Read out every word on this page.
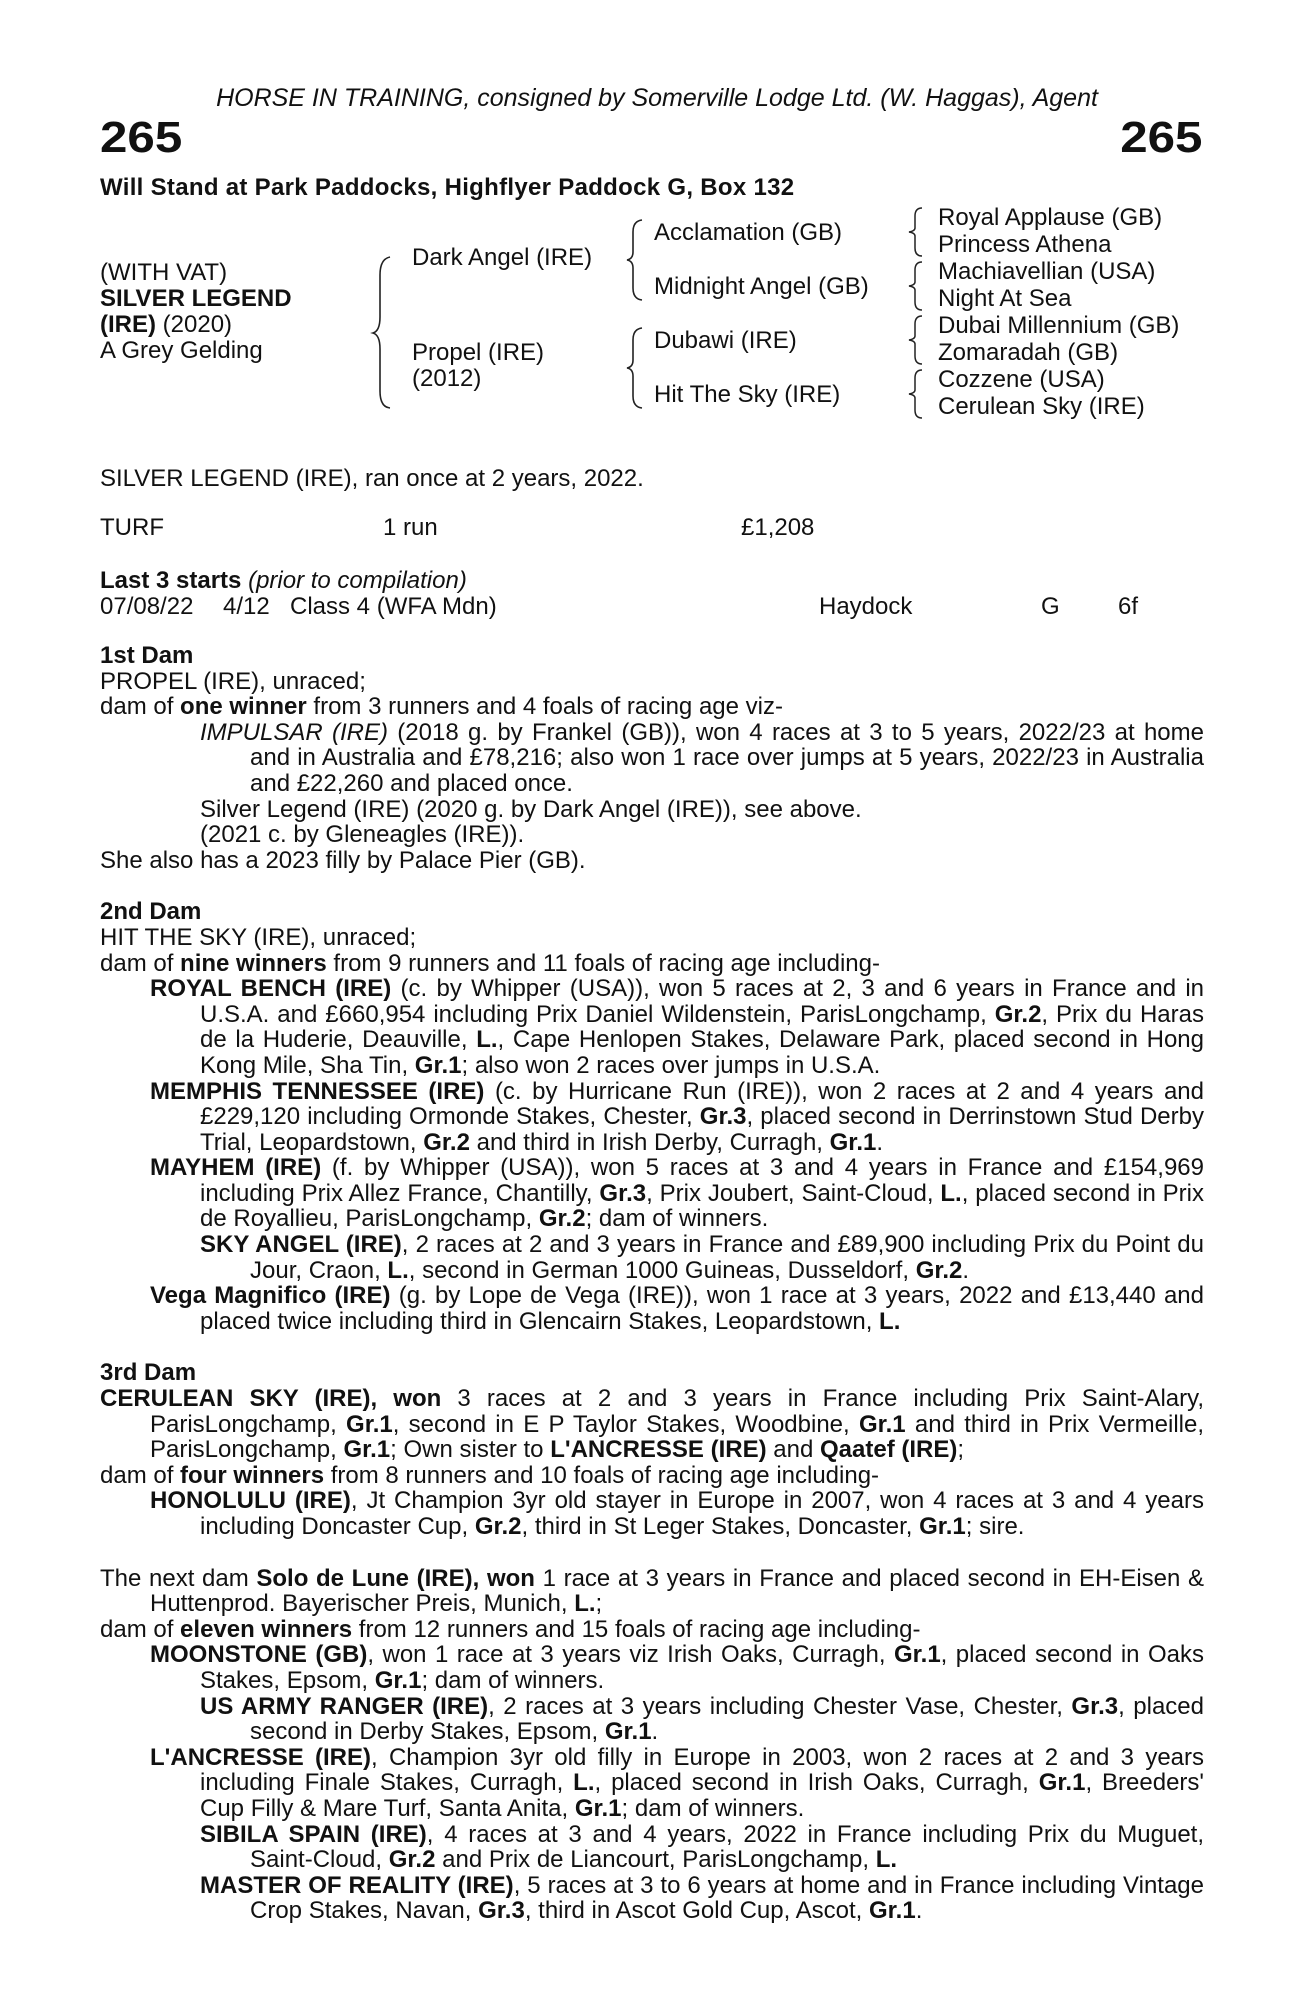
HORSE IN TRAINING, consigned by Somerville Lodge Ltd. (W. Haggas), Agent
265	265
Will Stand at Park Paddocks, Highflyer Paddock G, Box 132
(WITH VAT)
SILVER LEGEND
(IRE) (2020)
A Grey Gelding
Dark Angel (IRE)
Propel (IRE)
(2012)
Acclamation (GB)
Midnight Angel (GB)
Dubawi (IRE)
Hit The Sky (IRE)
Royal Applause (GB)
Princess Athena
Machiavellian (USA)
Night At Sea
Dubai Millennium (GB)
Zomaradah (GB)
Cozzene (USA)
Cerulean Sky (IRE)
SILVER LEGEND (IRE), ran once at 2 years, 2022.
TURF	1 run	£1,208
Last 3 starts (prior to compilation)
07/08/22 4/12 Class 4 (WFA Mdn)	Haydock	G 6f

1st Dam

PROPEL (IRE), unraced;

dam of one winner from 3 runners and 4 foals of racing age viz-

IMPULSAR (IRE) (2018 g. by Frankel (GB)), won 4 races at 3 to 5 years, 2022/23 at home and in Australia and £78,216; also won 1 race over jumps at 5 years, 2022/23 in Australia and £22,260 and placed once.

Silver Legend (IRE) (2020 g. by Dark Angel (IRE)), see above.

(2021 c. by Gleneagles (IRE)).

She also has a 2023 filly by Palace Pier (GB).

2nd Dam

HIT THE SKY (IRE), unraced;

dam of nine winners from 9 runners and 11 foals of racing age including-

ROYAL BENCH (IRE) (c. by Whipper (USA)), won 5 races at 2, 3 and 6 years in France and in U.S.A. and £660,954 including Prix Daniel Wildenstein, ParisLongchamp, Gr.2, Prix du Haras de la Huderie, Deauville, L., Cape Henlopen Stakes, Delaware Park, placed second in Hong Kong Mile, Sha Tin, Gr.1; also won 2 races over jumps in U.S.A.

MEMPHIS TENNESSEE (IRE) (c. by Hurricane Run (IRE)), won 2 races at 2 and 4 years and £229,120 including Ormonde Stakes, Chester, Gr.3, placed second in Derrinstown Stud Derby Trial, Leopardstown, Gr.2 and third in Irish Derby, Curragh, Gr.1.

MAYHEM (IRE) (f. by Whipper (USA)), won 5 races at 3 and 4 years in France and £154,969 including Prix Allez France, Chantilly, Gr.3, Prix Joubert, Saint-Cloud, L., placed second in Prix de Royallieu, ParisLongchamp, Gr.2; dam of winners.

SKY ANGEL (IRE), 2 races at 2 and 3 years in France and £89,900 including Prix du Point du Jour, Craon, L., second in German 1000 Guineas, Dusseldorf, Gr.2.

Vega Magnifico (IRE) (g. by Lope de Vega (IRE)), won 1 race at 3 years, 2022 and £13,440 and placed twice including third in Glencairn Stakes, Leopardstown, L.

3rd Dam

CERULEAN SKY (IRE), won 3 races at 2 and 3 years in France including Prix Saint-Alary, ParisLongchamp, Gr.1, second in E P Taylor Stakes, Woodbine, Gr.1 and third in Prix Vermeille, ParisLongchamp, Gr.1; Own sister to L'ANCRESSE (IRE) and Qaatef (IRE);

dam of four winners from 8 runners and 10 foals of racing age including-

HONOLULU (IRE), Jt Champion 3yr old stayer in Europe in 2007, won 4 races at 3 and 4 years including Doncaster Cup, Gr.2, third in St Leger Stakes, Doncaster, Gr.1; sire.

The next dam Solo de Lune (IRE), won 1 race at 3 years in France and placed second in EH-Eisen & Huttenprod. Bayerischer Preis, Munich, L.;

dam of eleven winners from 12 runners and 15 foals of racing age including-

MOONSTONE (GB), won 1 race at 3 years viz Irish Oaks, Curragh, Gr.1, placed second in Oaks Stakes, Epsom, Gr.1; dam of winners.

US ARMY RANGER (IRE), 2 races at 3 years including Chester Vase, Chester, Gr.3, placed second in Derby Stakes, Epsom, Gr.1.

L'ANCRESSE (IRE), Champion 3yr old filly in Europe in 2003, won 2 races at 2 and 3 years including Finale Stakes, Curragh, L., placed second in Irish Oaks, Curragh, Gr.1, Breeders' Cup Filly & Mare Turf, Santa Anita, Gr.1; dam of winners.

SIBILA SPAIN (IRE), 4 races at 3 and 4 years, 2022 in France including Prix du Muguet, Saint-Cloud, Gr.2 and Prix de Liancourt, ParisLongchamp, L.

MASTER OF REALITY (IRE), 5 races at 3 to 6 years at home and in France including Vintage Crop Stakes, Navan, Gr.3, third in Ascot Gold Cup, Ascot, Gr.1.
